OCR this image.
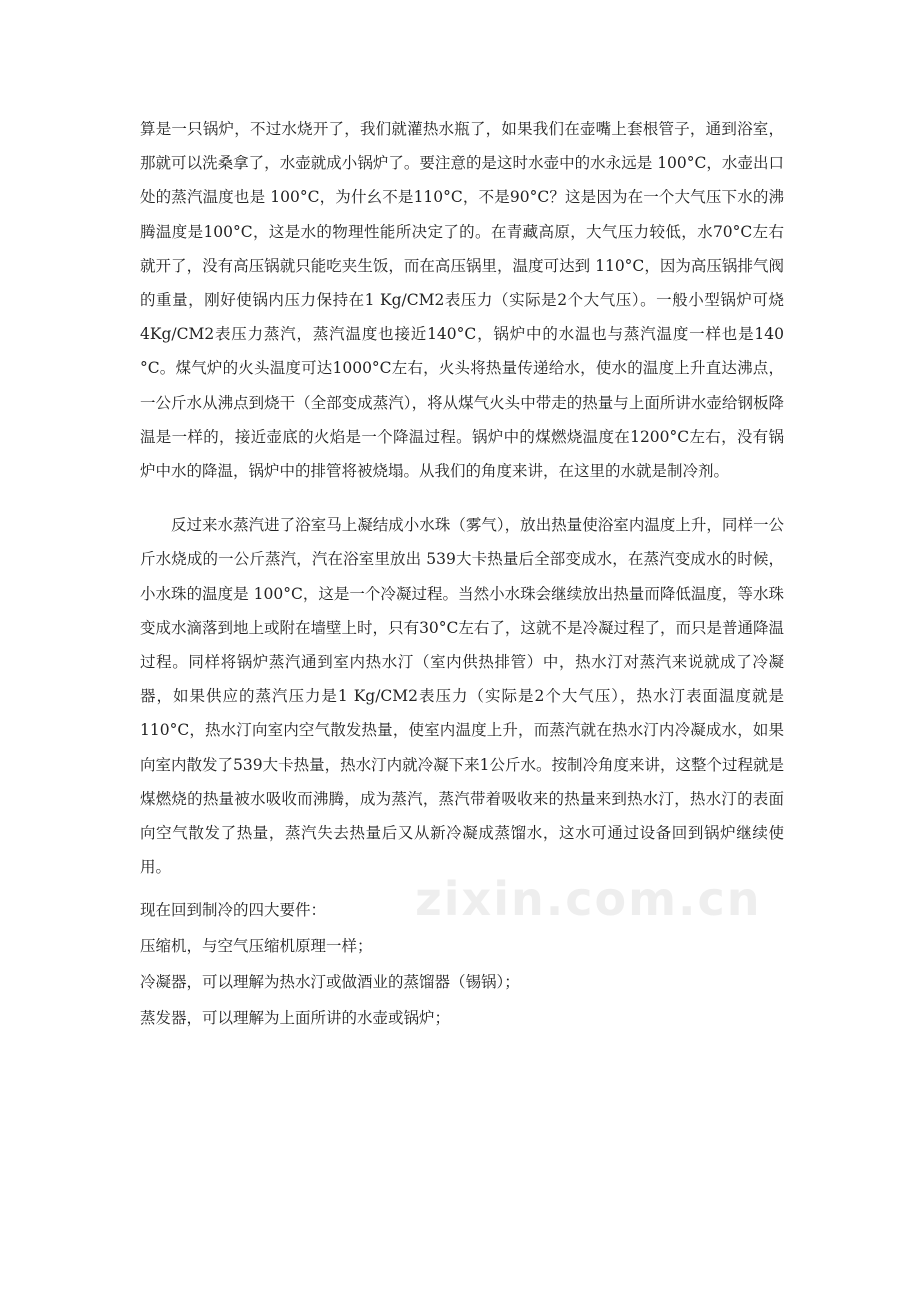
算是一只锅炉，不过水烧开了，我们就灌热水瓶了，如果我们在壶嘴上套根管子，通到浴室，那就可以洗桑拿了，水壶就成小锅炉了。要注意的是这时水壶中的水永远是 100°C，水壶出口处的蒸汽温度也是 100°C，为什幺不是110°C，不是90°C？这是因为在一个大气压下水的沸腾温度是100°C，这是水的物理性能所决定了的。在青藏高原，大气压力较低，水70°C左右就开了，没有高压锅就只能吃夹生饭，而在高压锅里，温度可达到 110°C，因为高压锅排气阀的重量，刚好使锅内压力保持在1 Kg/CM2表压力（实际是2个大气压）。一般小型锅炉可烧4Kg/CM2表压力蒸汽，蒸汽温度也接近140°C，锅炉中的水温也与蒸汽温度一样也是140 °C。煤气炉的火头温度可达1000°C左右，火头将热量传递给水，使水的温度上升直达沸点，一公斤水从沸点到烧干（全部变成蒸汽），将从煤气火头中带走的热量与上面所讲水壶给钢板降温是一样的，接近壶底的火焰是一个降温过程。锅炉中的煤燃烧温度在1200°C左右，没有锅炉中水的降温，锅炉中的排管将被烧塌。从我们的角度来讲，在这里的水就是制冷剂。

反过来水蒸汽进了浴室马上凝结成小水珠（雾气），放出热量使浴室内温度上升，同样一公斤水烧成的一公斤蒸汽，汽在浴室里放出 539大卡热量后全部变成水，在蒸汽变成水的时候，小水珠的温度是 100°C，这是一个冷凝过程。当然小水珠会继续放出热量而降低温度，等水珠变成水滴落到地上或附在墙壁上时，只有30°C左右了，这就不是冷凝过程了，而只是普通降温过程。同样将锅炉蒸汽通到室内热水汀（室内供热排管）中，热水汀对蒸汽来说就成了冷凝器，如果供应的蒸汽压力是1 Kg/CM2表压力（实际是2个大气压），热水汀表面温度就是110°C，热水汀向室内空气散发热量，使室内温度上升，而蒸汽就在热水汀内冷凝成水，如果向室内散发了539大卡热量，热水汀内就冷凝下来1公斤水。按制冷角度来讲，这整个过程就是煤燃烧的热量被水吸收而沸腾，成为蒸汽，蒸汽带着吸收来的热量来到热水汀，热水汀的表面向空气散发了热量，蒸汽失去热量后又从新冷凝成蒸馏水，这水可通过设备回到锅炉继续使用。

现在回到制冷的四大要件：

压缩机，与空气压缩机原理一样；

冷凝器，可以理解为热水汀或做酒业的蒸馏器（锡锅）；

蒸发器，可以理解为上面所讲的水壶或锅炉；

zixin.com.cn
